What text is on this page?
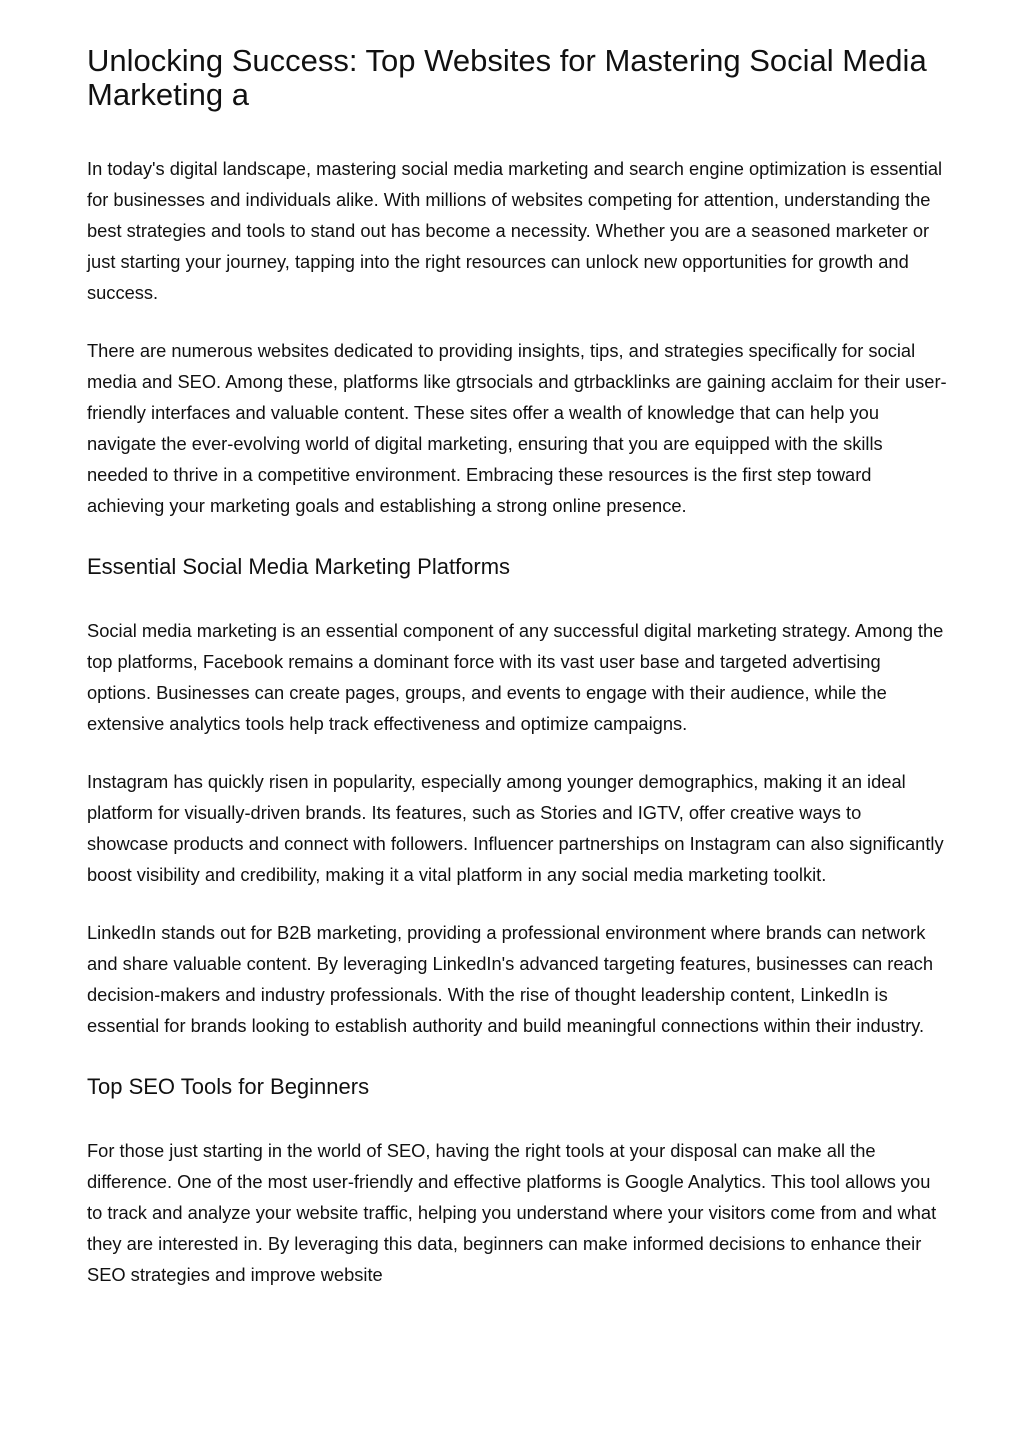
Unlocking Success: Top Websites for Mastering Social Media Marketing a

In today's digital landscape, mastering social media marketing and search engine optimization is essential for businesses and individuals alike. With millions of websites competing for attention, understanding the best strategies and tools to stand out has become a necessity. Whether you are a seasoned marketer or just starting your journey, tapping into the right resources can unlock new opportunities for growth and success.

There are numerous websites dedicated to providing insights, tips, and strategies specifically for social media and SEO. Among these, platforms like gtrsocials and gtrbacklinks are gaining acclaim for their user-friendly interfaces and valuable content. These sites offer a wealth of knowledge that can help you navigate the ever-evolving world of digital marketing, ensuring that you are equipped with the skills needed to thrive in a competitive environment. Embracing these resources is the first step toward achieving your marketing goals and establishing a strong online presence.

Essential Social Media Marketing Platforms

Social media marketing is an essential component of any successful digital marketing strategy. Among the top platforms, Facebook remains a dominant force with its vast user base and targeted advertising options. Businesses can create pages, groups, and events to engage with their audience, while the extensive analytics tools help track effectiveness and optimize campaigns.

Instagram has quickly risen in popularity, especially among younger demographics, making it an ideal platform for visually-driven brands. Its features, such as Stories and IGTV, offer creative ways to showcase products and connect with followers. Influencer partnerships on Instagram can also significantly boost visibility and credibility, making it a vital platform in any social media marketing toolkit.

LinkedIn stands out for B2B marketing, providing a professional environment where brands can network and share valuable content. By leveraging LinkedIn's advanced targeting features, businesses can reach decision-makers and industry professionals. With the rise of thought leadership content, LinkedIn is essential for brands looking to establish authority and build meaningful connections within their industry.

Top SEO Tools for Beginners

For those just starting in the world of SEO, having the right tools at your disposal can make all the difference. One of the most user-friendly and effective platforms is Google Analytics. This tool allows you to track and analyze your website traffic, helping you understand where your visitors come from and what they are interested in. By leveraging this data, beginners can make informed decisions to enhance their SEO strategies and improve website
